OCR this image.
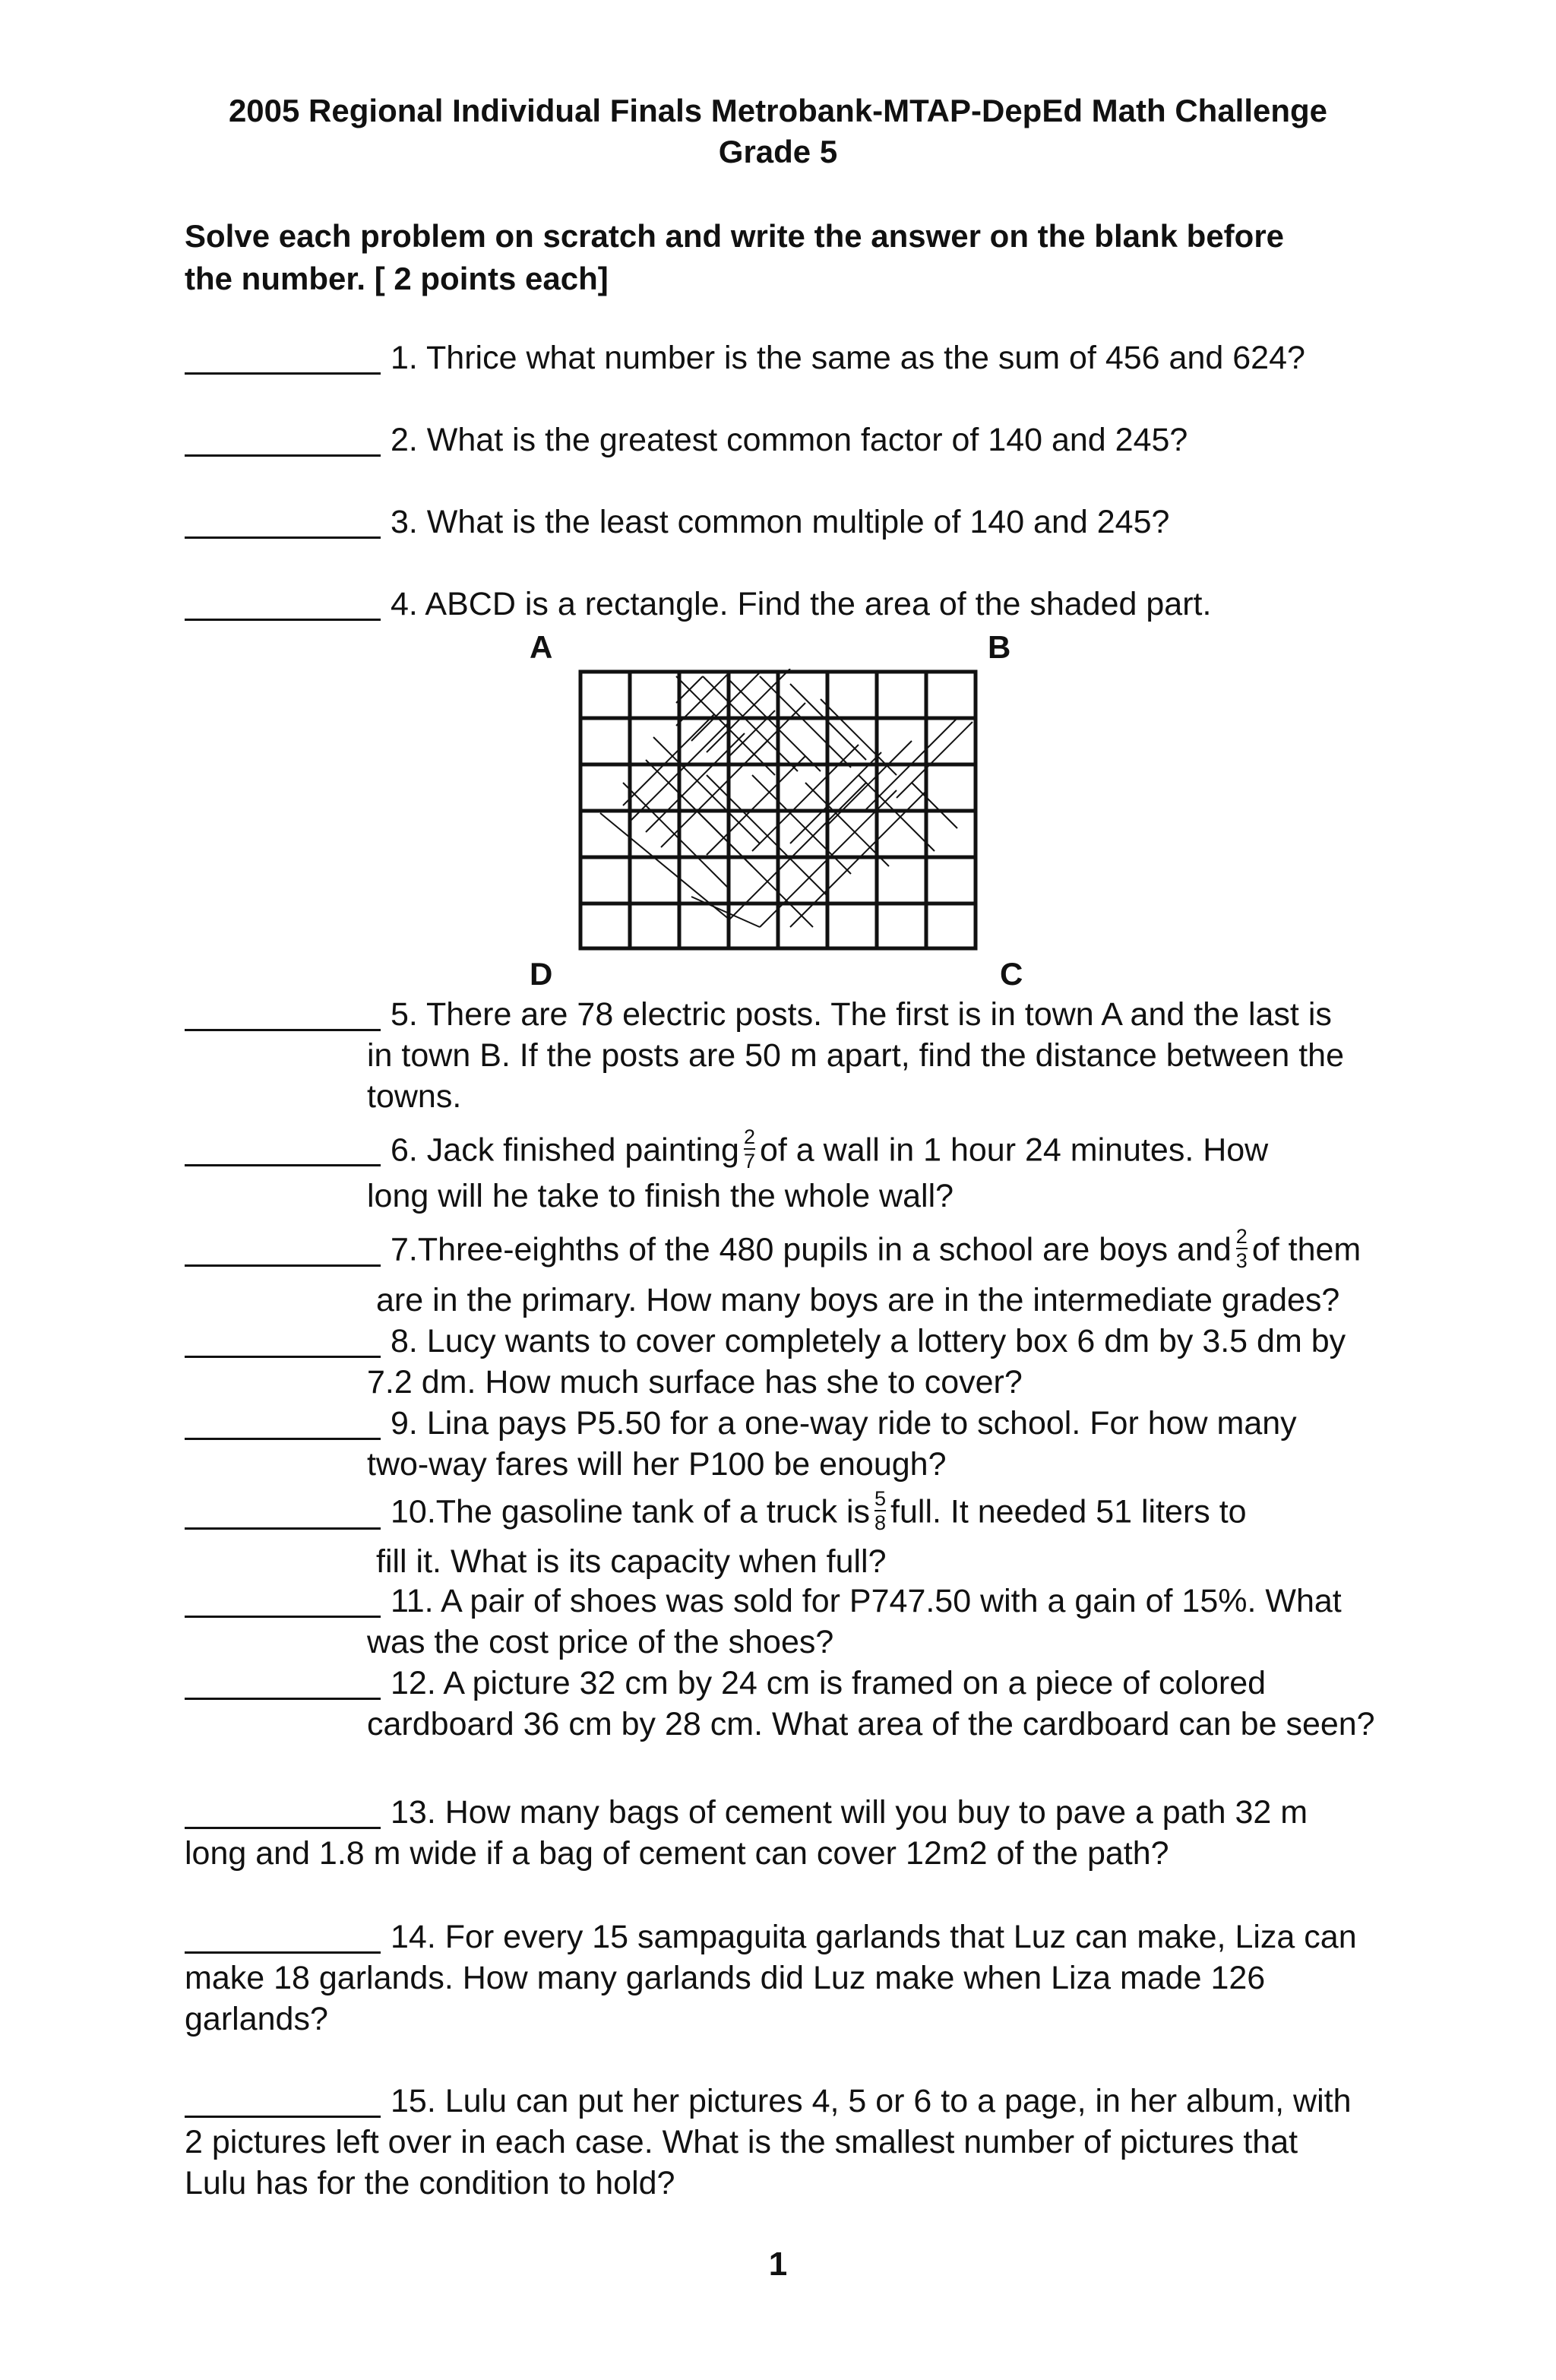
2005 Regional Individual Finals Metrobank-MTAP-DepEd Math Challenge
Grade 5
Solve each problem on scratch and write the answer on the blank before
the number. [ 2 points each]
1. Thrice what number is the same as the sum of 456 and 624?
2. What is the greatest common factor of 140 and 245?
3. What is the least common multiple of 140 and 245?
4. ABCD is a rectangle. Find the area of the shaded part.
A	B
D	C
5. There are 78 electric posts. The first is in town A and the last is
in town B. If the posts are 50 m apart, find the distance between the
towns.
6. Jack finished painting $\frac{2}{7}$ of a wall in 1 hour 24 minutes. How
long will he take to finish the whole wall?
7.Three-eighths of the 480 pupils in a school are boys and $\frac{2}{3}$ of them
are in the primary. How many boys are in the intermediate grades?
8. Lucy wants to cover completely a lottery box 6 dm by 3.5 dm by
7.2 dm. How much surface has she to cover?
9. Lina pays P5.50 for a one-way ride to school. For how many
two-way fares will her P100 be enough?
10.The gasoline tank of a truck is $\frac{5}{8}$ full. It needed 51 liters to
fill it. What is its capacity when full?
11. A pair of shoes was sold for P747.50 with a gain of 15%. What
was the cost price of the shoes?
12. A picture 32 cm by 24 cm is framed on a piece of colored
cardboard 36 cm by 28 cm. What area of the cardboard can be seen?
13. How many bags of cement will you buy to pave a path 32 m
long and 1.8 m wide if a bag of cement can cover 12m2 of the path?
14. For every 15 sampaguita garlands that Luz can make, Liza can
make 18 garlands. How many garlands did Luz make when Liza made 126
garlands?
15. Lulu can put her pictures 4, 5 or 6 to a page, in her album, with
2 pictures left over in each case. What is the smallest number of pictures that
Lulu has for the condition to hold?
1
